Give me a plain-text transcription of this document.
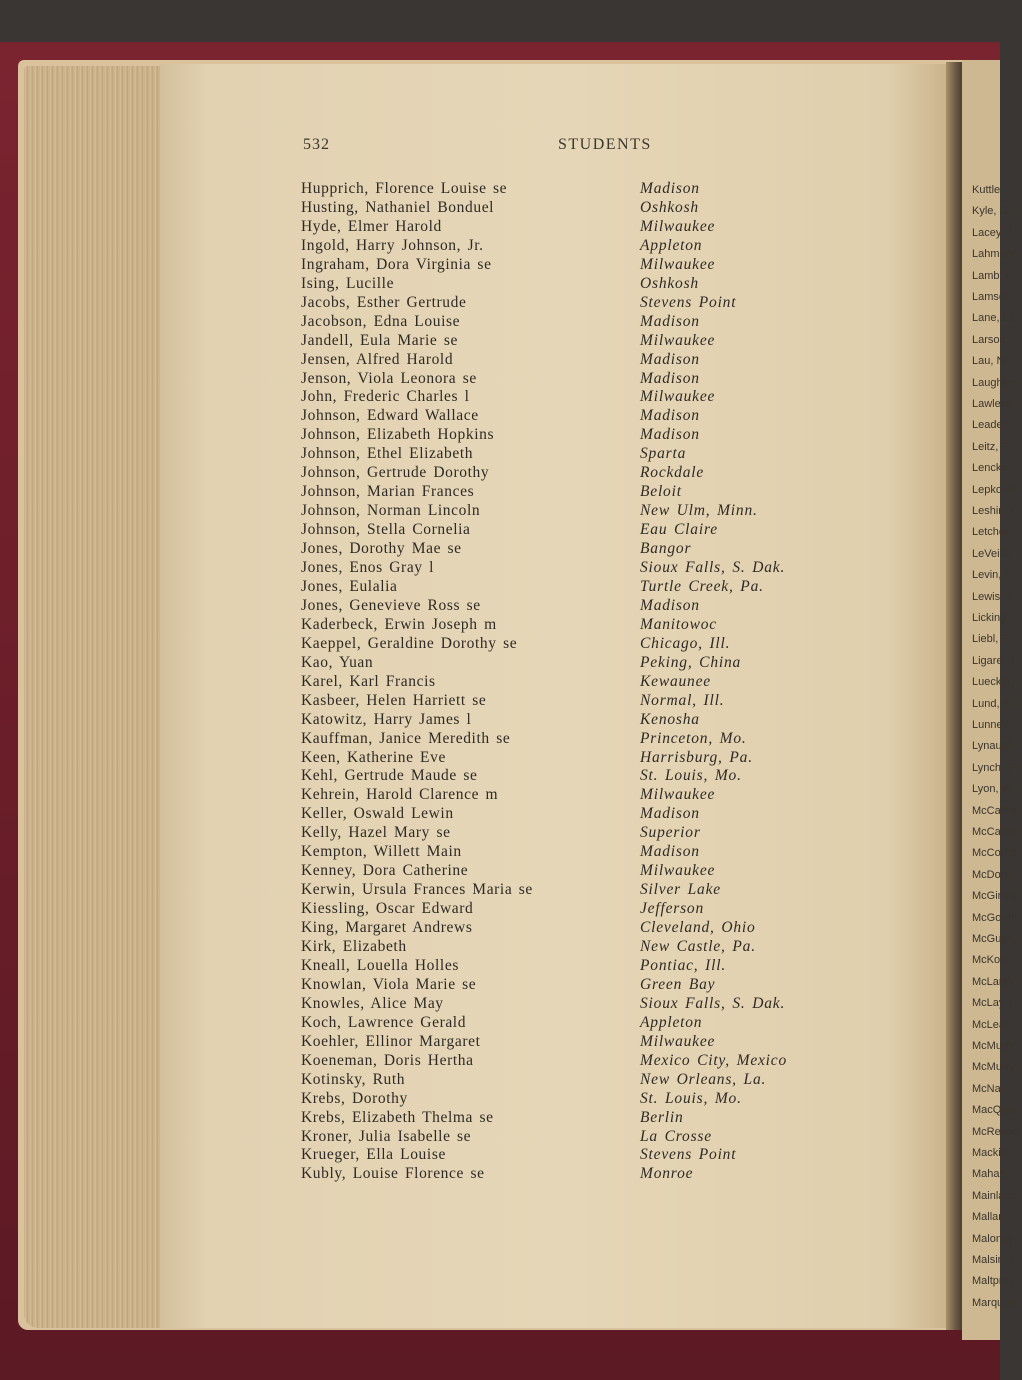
Kuttler,
Kyle, Cl
Lacey, J
Lahmann
Lamb, L
Lamson,
Lane, La
Larson,
Lau, Nor
Laughlin
Lawless,
Leader,
Leitz, Fr
Lencke,
Lepkovsk
Leshin, I
Letcher,
LeVeille,
Levin, H
Lewis, I
Licking,
Liebl, Fl
Ligare, J
Luecker,
Lund, Al
Lunney,
Lynaugh
Lynch, F
Lyon, W
McCaffre
McCandle
McCormi
McDonal
McGinley
McGormi
McGuire,
McKone,
McLandr
McLay, I
McLean,
McMurry
McMurry
McNair,
MacQuar
McReyno
Mackin,
Mahan, I
Mainland
Mallari,
Maloney,
Malsin, F
Maltpres
Marquart
532	STUDENTS
Hupprich, Florence Louise se	Madison
Husting, Nathaniel Bonduel	Oshkosh
Hyde, Elmer Harold	Milwaukee
Ingold, Harry Johnson, Jr.	Appleton
Ingraham, Dora Virginia se	Milwaukee
Ising, Lucille	Oshkosh
Jacobs, Esther Gertrude	Stevens Point
Jacobson, Edna Louise	Madison
Jandell, Eula Marie se	Milwaukee
Jensen, Alfred Harold	Madison
Jenson, Viola Leonora se	Madison
John, Frederic Charles l	Milwaukee
Johnson, Edward Wallace	Madison
Johnson, Elizabeth Hopkins	Madison
Johnson, Ethel Elizabeth	Sparta
Johnson, Gertrude Dorothy	Rockdale
Johnson, Marian Frances	Beloit
Johnson, Norman Lincoln	New Ulm, Minn.
Johnson, Stella Cornelia	Eau Claire
Jones, Dorothy Mae se	Bangor
Jones, Enos Gray l	Sioux Falls, S. Dak.
Jones, Eulalia	Turtle Creek, Pa.
Jones, Genevieve Ross se	Madison
Kaderbeck, Erwin Joseph m	Manitowoc
Kaeppel, Geraldine Dorothy se	Chicago, Ill.
Kao, Yuan	Peking, China
Karel, Karl Francis	Kewaunee
Kasbeer, Helen Harriett se	Normal, Ill.
Katowitz, Harry James l	Kenosha
Kauffman, Janice Meredith se	Princeton, Mo.
Keen, Katherine Eve	Harrisburg, Pa.
Kehl, Gertrude Maude se	St. Louis, Mo.
Kehrein, Harold Clarence m	Milwaukee
Keller, Oswald Lewin	Madison
Kelly, Hazel Mary se	Superior
Kempton, Willett Main	Madison
Kenney, Dora Catherine	Milwaukee
Kerwin, Ursula Frances Maria se	Silver Lake
Kiessling, Oscar Edward	Jefferson
King, Margaret Andrews	Cleveland, Ohio
Kirk, Elizabeth	New Castle, Pa.
Kneall, Louella Holles	Pontiac, Ill.
Knowlan, Viola Marie se	Green Bay
Knowles, Alice May	Sioux Falls, S. Dak.
Koch, Lawrence Gerald	Appleton
Koehler, Ellinor Margaret	Milwaukee
Koeneman, Doris Hertha	Mexico City, Mexico
Kotinsky, Ruth	New Orleans, La.
Krebs, Dorothy	St. Louis, Mo.
Krebs, Elizabeth Thelma se	Berlin
Kroner, Julia Isabelle se	La Crosse
Krueger, Ella Louise	Stevens Point
Kubly, Louise Florence se	Monroe
